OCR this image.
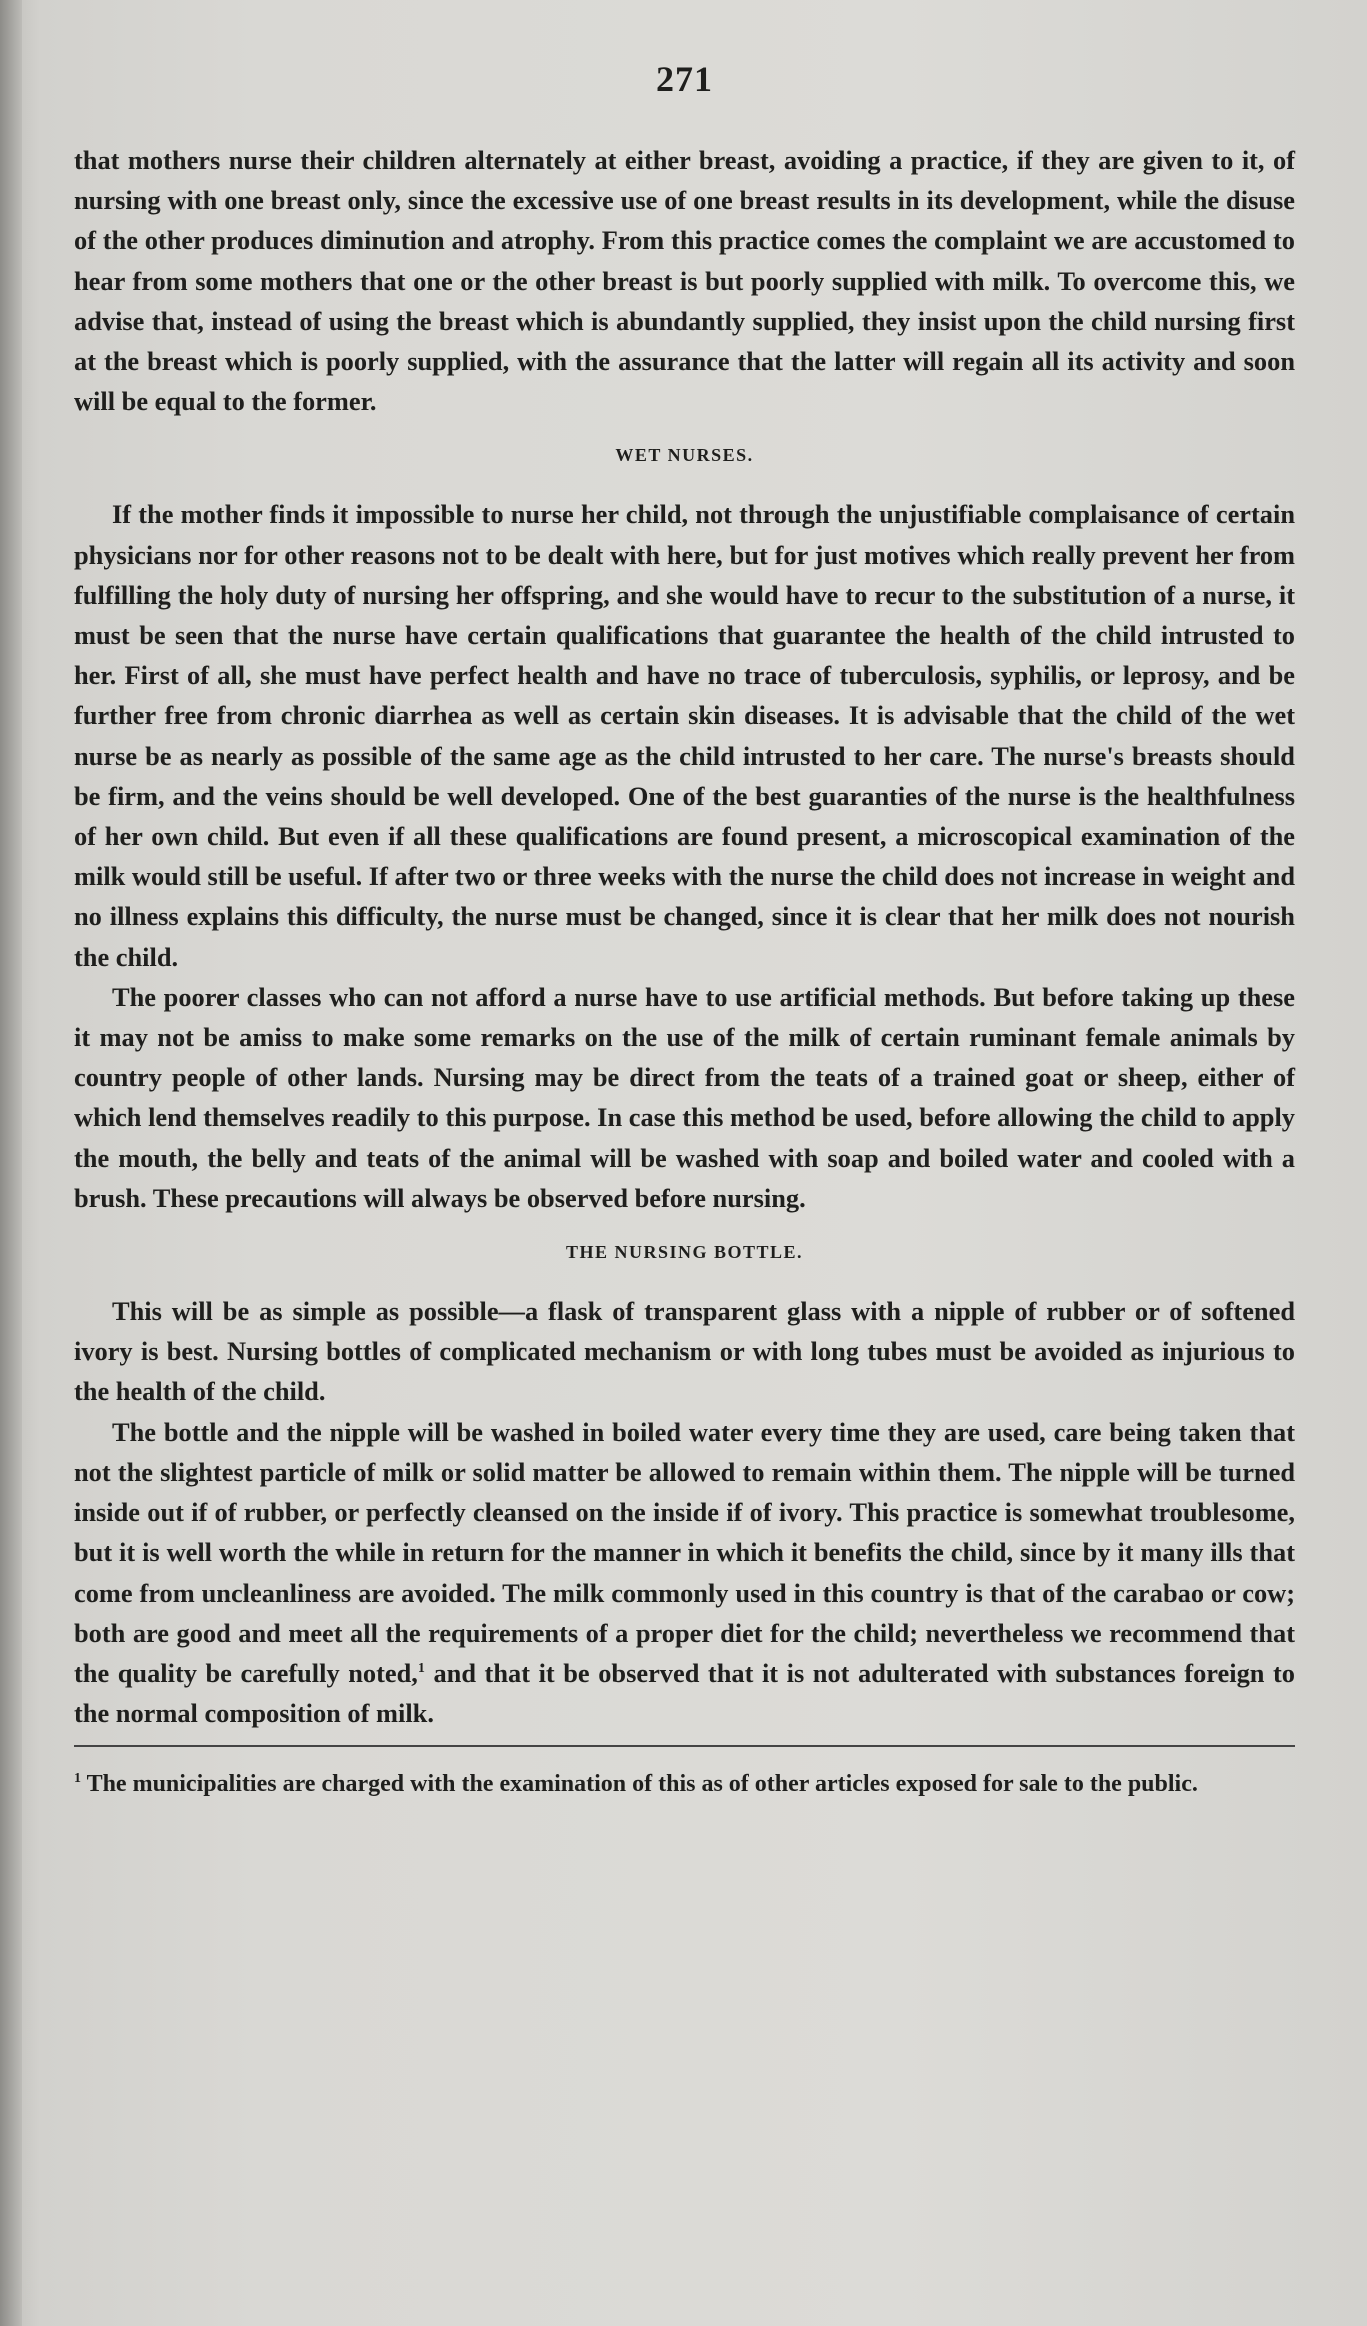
271

that mothers nurse their children alternately at either breast, avoiding a practice, if they are given to it, of nursing with one breast only, since the excessive use of one breast results in its development, while the disuse of the other produces diminution and atrophy. From this practice comes the complaint we are accustomed to hear from some mothers that one or the other breast is but poorly supplied with milk. To overcome this, we advise that, instead of using the breast which is abundantly supplied, they insist upon the child nursing first at the breast which is poorly supplied, with the assurance that the latter will regain all its activity and soon will be equal to the former.

WET NURSES.

If the mother finds it impossible to nurse her child, not through the unjustifiable complaisance of certain physicians nor for other reasons not to be dealt with here, but for just motives which really prevent her from fulfilling the holy duty of nursing her offspring, and she would have to recur to the substitution of a nurse, it must be seen that the nurse have certain qualifications that guarantee the health of the child intrusted to her. First of all, she must have perfect health and have no trace of tuberculosis, syphilis, or leprosy, and be further free from chronic diarrhea as well as certain skin diseases. It is advisable that the child of the wet nurse be as nearly as possible of the same age as the child intrusted to her care. The nurse's breasts should be firm, and the veins should be well developed. One of the best guaranties of the nurse is the healthfulness of her own child. But even if all these qualifications are found present, a microscopical examination of the milk would still be useful. If after two or three weeks with the nurse the child does not increase in weight and no illness explains this difficulty, the nurse must be changed, since it is clear that her milk does not nourish the child.

The poorer classes who can not afford a nurse have to use artificial methods. But before taking up these it may not be amiss to make some remarks on the use of the milk of certain ruminant female animals by country people of other lands. Nursing may be direct from the teats of a trained goat or sheep, either of which lend themselves readily to this purpose. In case this method be used, before allowing the child to apply the mouth, the belly and teats of the animal will be washed with soap and boiled water and cooled with a brush. These precautions will always be observed before nursing.

THE NURSING BOTTLE.

This will be as simple as possible—a flask of transparent glass with a nipple of rubber or of softened ivory is best. Nursing bottles of complicated mechanism or with long tubes must be avoided as injurious to the health of the child.

The bottle and the nipple will be washed in boiled water every time they are used, care being taken that not the slightest particle of milk or solid matter be allowed to remain within them. The nipple will be turned inside out if of rubber, or perfectly cleansed on the inside if of ivory. This practice is somewhat troublesome, but it is well worth the while in return for the manner in which it benefits the child, since by it many ills that come from uncleanliness are avoided. The milk commonly used in this country is that of the carabao or cow; both are good and meet all the requirements of a proper diet for the child; nevertheless we recommend that the quality be carefully noted,$^1$ and that it be observed that it is not adulterated with substances foreign to the normal composition of milk.

$^1$ The municipalities are charged with the examination of this as of other articles exposed for sale to the public.
